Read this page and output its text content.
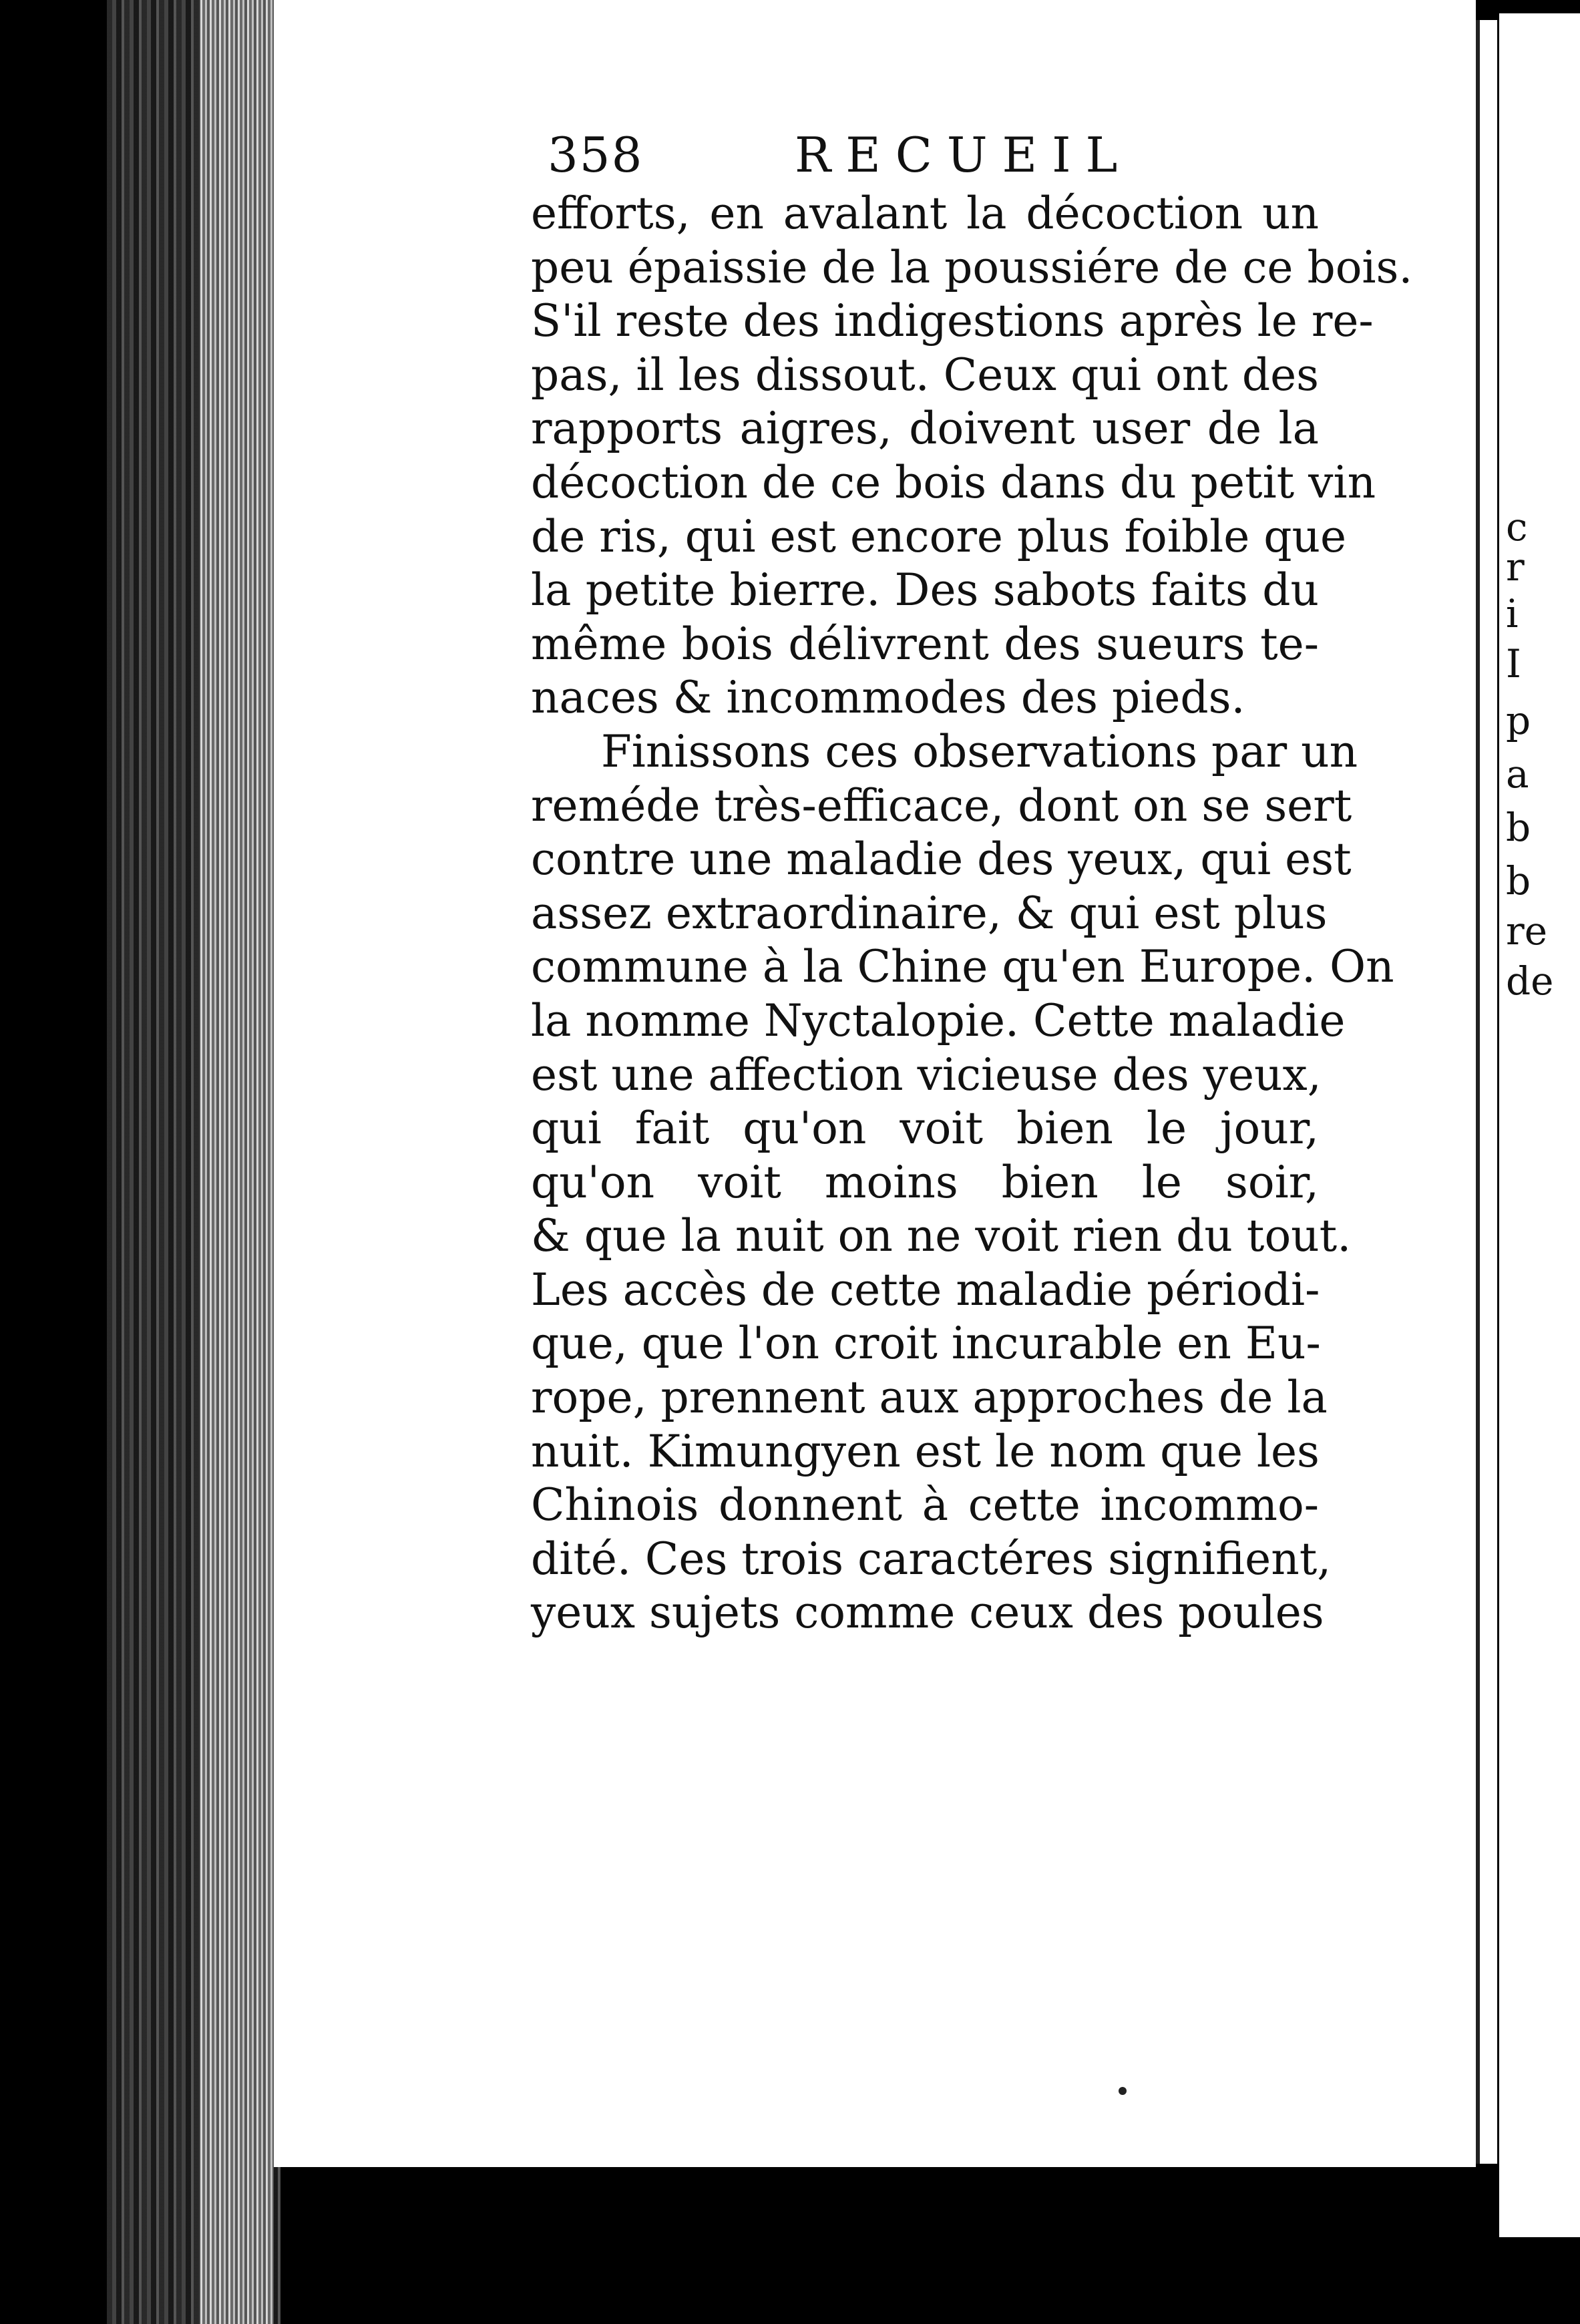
c
r
i
I
p
a
b
b
re
de
358	RECUEIL
efforts, en avalant la décoction un
peu épaissie de la poussiére de ce bois.
S'il reste des indigestions après le re-
pas, il les dissout. Ceux qui ont des
rapports aigres, doivent user de la
décoction de ce bois dans du petit vin
de ris, qui est encore plus foible que
la petite bierre. Des sabots faits du
même bois délivrent des sueurs te-
naces & incommodes des pieds.
Finissons ces observations par un
reméde très-efficace, dont on se sert
contre une maladie des yeux, qui est
assez extraordinaire, & qui est plus
commune à la Chine qu'en Europe. On
la nomme Nyctalopie. Cette maladie
est une affection vicieuse des yeux,
qui fait qu'on voit bien le jour,
qu'on voit moins bien le soir,
& que la nuit on ne voit rien du tout.
Les accès de cette maladie périodi-
que, que l'on croit incurable en Eu-
rope, prennent aux approches de la
nuit. Kimungyen est le nom que les
Chinois donnent à cette incommo-
dité. Ces trois caractéres signifient,
yeux sujets comme ceux des poules
